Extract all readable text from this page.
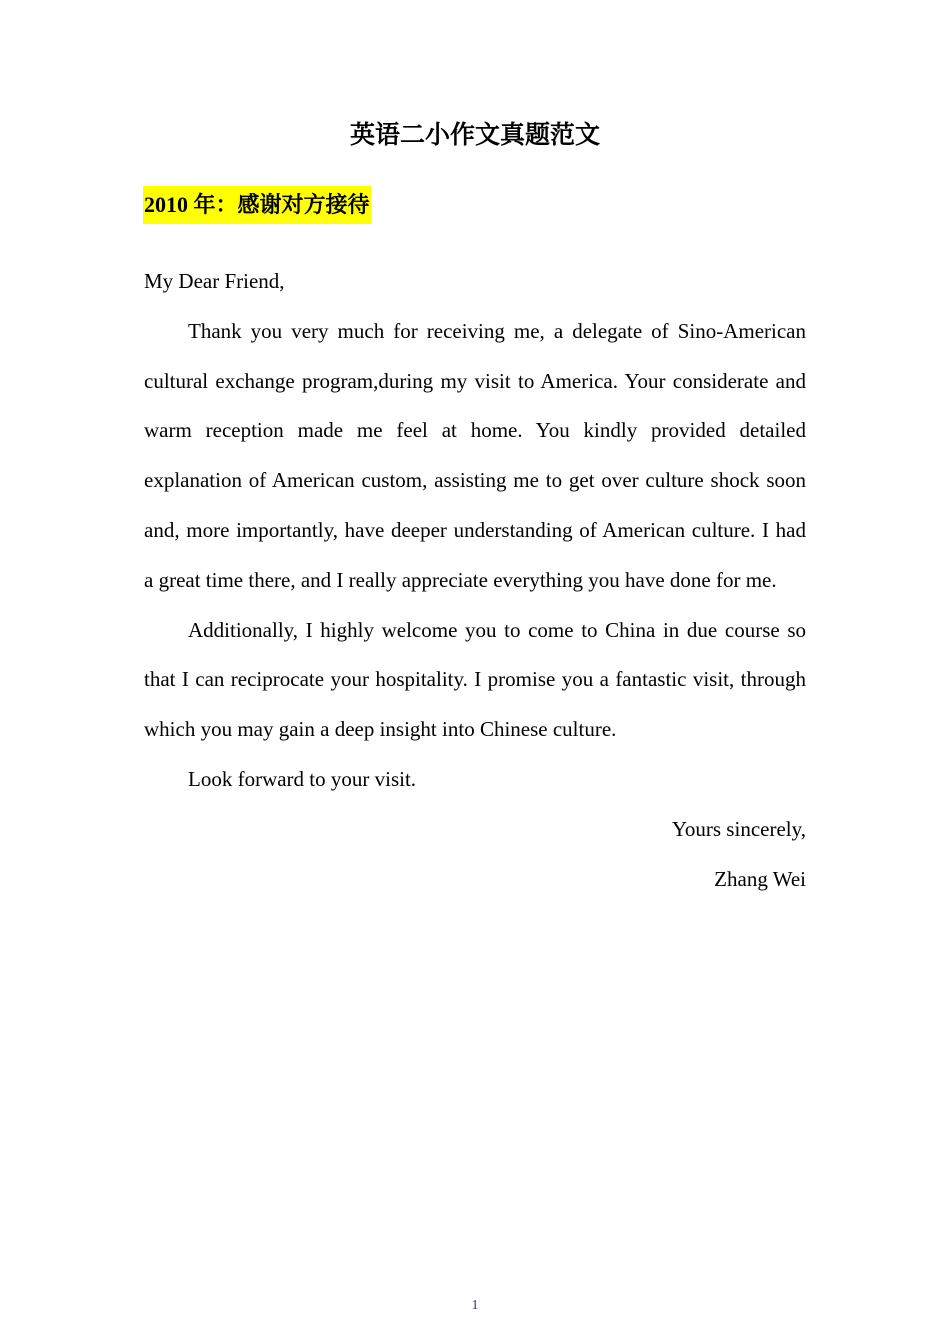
英语二小作文真题范文
2010 年：感谢对方接待

My Dear Friend,

Thank you very much for receiving me, a delegate of Sino-American cultural exchange program,during my visit to America. Your considerate and warm reception made me feel at home. You kindly provided detailed explanation of American custom, assisting me to get over culture shock soon and, more importantly, have deeper understanding of American culture. I had a great time there, and I really appreciate everything you have done for me.

Additionally, I highly welcome you to come to China in due course so that I can reciprocate your hospitality. I promise you a fantastic visit, through which you may gain a deep insight into Chinese culture.

Look forward to your visit.

Yours sincerely,

Zhang Wei

1
